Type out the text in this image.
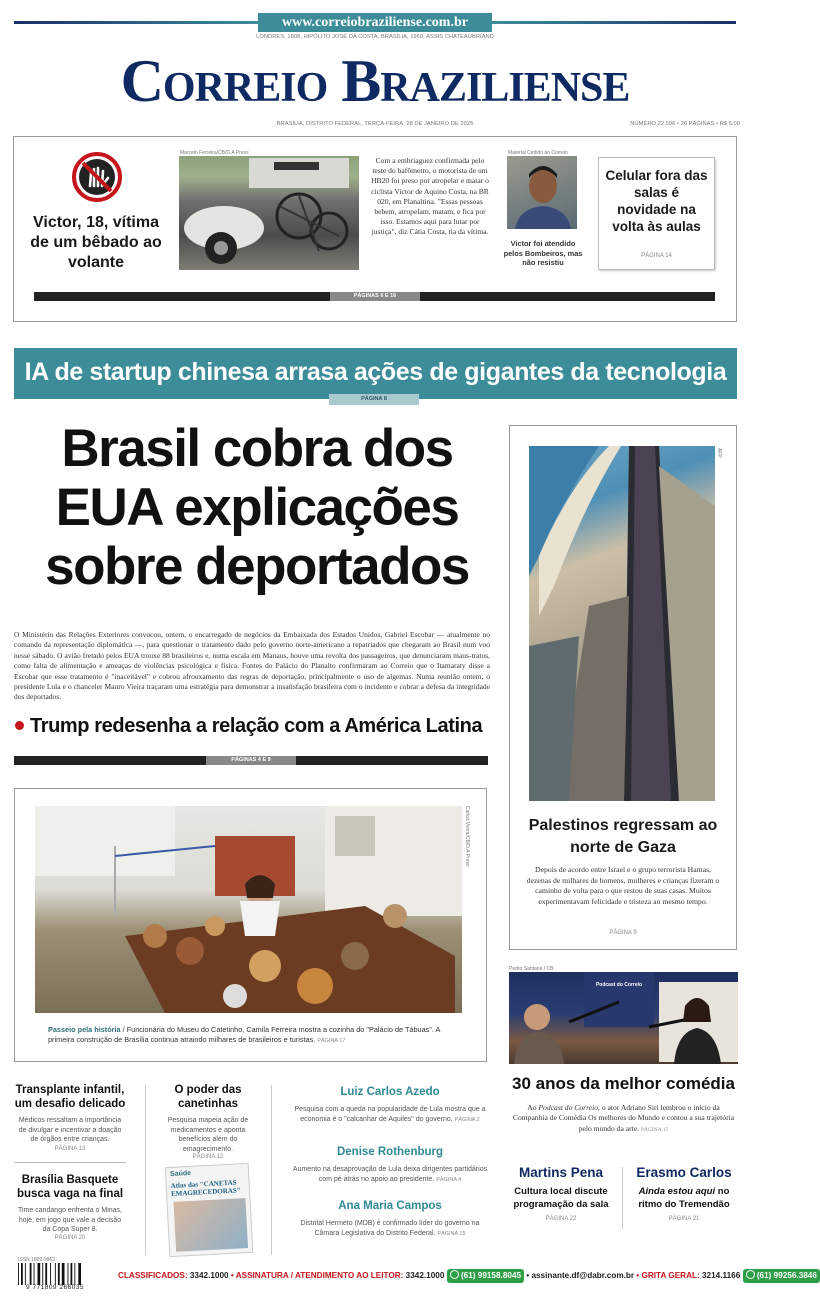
www.correiobraziliense.com.br
LONDRES, 1808, HIPÓLITO JOSÉ DA COSTA; BRASÍLIA, 1960, ASSIS CHATEAUBRIAND
Correio Braziliense
BRASÍLIA, DISTRITO FEDERAL, TERÇA-FEIRA, 28 DE JANEIRO DE 2025	NÚMERO 22.596 • 26 PÁGINAS • R$ 5,00
Victor, 18, vítima de um bêbado ao volante
Marcelo Ferreira/CB/D.A Press
Com a embriaguez confirmada pelo teste do bafômetro, o motorista de um HB20 foi preso por atropelar e matar o ciclista Victor de Aquino Costa, na BR 020, em Planaltina. "Essas pessoas bebem, atropelam, matam, e fica por isso. Estamos aqui para lutar por justiça", diz Cátia Costa, tia da vítima.
Material Cedido ao Correio
Victor foi atendido pelos Bombeiros, mas não resistiu
Celular fora das salas é novidade na volta às aulas
PÁGINA 14
PÁGINAS 6 E 16
IA de startup chinesa arrasa ações de gigantes da tecnologia
PÁGINA 8
Brasil cobra dos EUA explicações sobre deportados
O Ministério das Relações Exteriores convocou, ontem, o encarregado de negócios da Embaixada dos Estados Unidos, Gabriel Escobar — atualmente no comando da representação diplomática —, para questionar o tratamento dado pelo governo norte-americano a repatriados que chegaram ao Brasil num voo nesse sábado. O avião fretado pelos EUA trouxe 88 brasileiros e, numa escala em Manaus, houve uma revolta dos passageiros, que denunciaram maus-tratos, como falta de alimentação e ameaças de violências psicológica e física. Fontes do Palácio do Planalto confirmaram ao Correio que o Itamaraty disse a Escobar que esse tratamento é "inaceitável" e cobrou afrouxamento das regras de deportação, principalmente o uso de algemas. Numa reunião ontem, o presidente Lula e o chanceler Mauro Vieira traçaram uma estratégia para demonstrar a insatisfação brasileira com o incidente e cobrar a defesa da integridade dos deportados.
Trump redesenha a relação com a América Latina
PÁGINAS 4 E 9
AFP
Palestinos regressam ao norte de Gaza
Depois de acordo entre Israel e o grupo terrorista Hamas, dezenas de milhares de homens, mulheres e crianças fizeram o caminho de volta para o que restou de suas casas. Muitos experimentavam felicidade e tristeza ao mesmo tempo.
PÁGINA 9
Carlos Vieira/CB/D.A Press
Passeio pela história / Funcionária do Museu do Catetinho, Camila Ferreira mostra a cozinha do "Palácio de Tábuas". A primeira construção de Brasília continua atraindo milhares de brasileiros e turistas. PÁGINA 17
Pedro Santana / CB
Podcast do Correio
30 anos da melhor comédia
Ao Podcast do Correio, o ator Adriano Siri lembrou o início da Companhia de Comédia Os melhores do Mundo e contou a sua trajetória pelo mundo da arte. PÁGINA 15
Transplante infantil, um desafio delicado
Médicos ressaltam a importância de divulgar e incentivar a doação de órgãos entre crianças.
PÁGINA 13
Brasília Basquete busca vaga na final
Time candango enfrenta o Minas, hoje, em jogo que vale a decisão da Copa Super 8.
PÁGINA 20
O poder das canetinhas
Pesquisa mapeia ação de medicamentos e aponta benefícios além do emagrecimento.
PÁGINA 12
Saúde
Atlas das "CANETAS EMAGRECEDORAS"
Luiz Carlos Azedo
Pesquisa com a queda na popularidade de Lula mostra que a economia é o "calcanhar de Aquiles" do governo. PÁGINA 2
Denise Rothenburg
Aumento na desaprovação de Lula deixa dirigentes partidários com pé atrás no apoio ao presidente. PÁGINA 4
Ana Maria Campos
Distrital Hermeto (MDB) é confirmado líder do governo na Câmara Legislativa do Distrito Federal. PÁGINA 15
Martins Pena
Cultura local discute programação da sala
PÁGINA 22
Erasmo Carlos
Ainda estou aqui no ritmo do Tremendão
PÁGINA 21
ISSN 1809-9963
9 771809 266035
CLASSIFICADOS: 3342.1000 • ASSINATURA / ATENDIMENTO AO LEITOR: 3342.1000 (61) 99158.8045 • assinante.df@dabr.com.br • GRITA GERAL: 3214.1166 (61) 99256.3846
